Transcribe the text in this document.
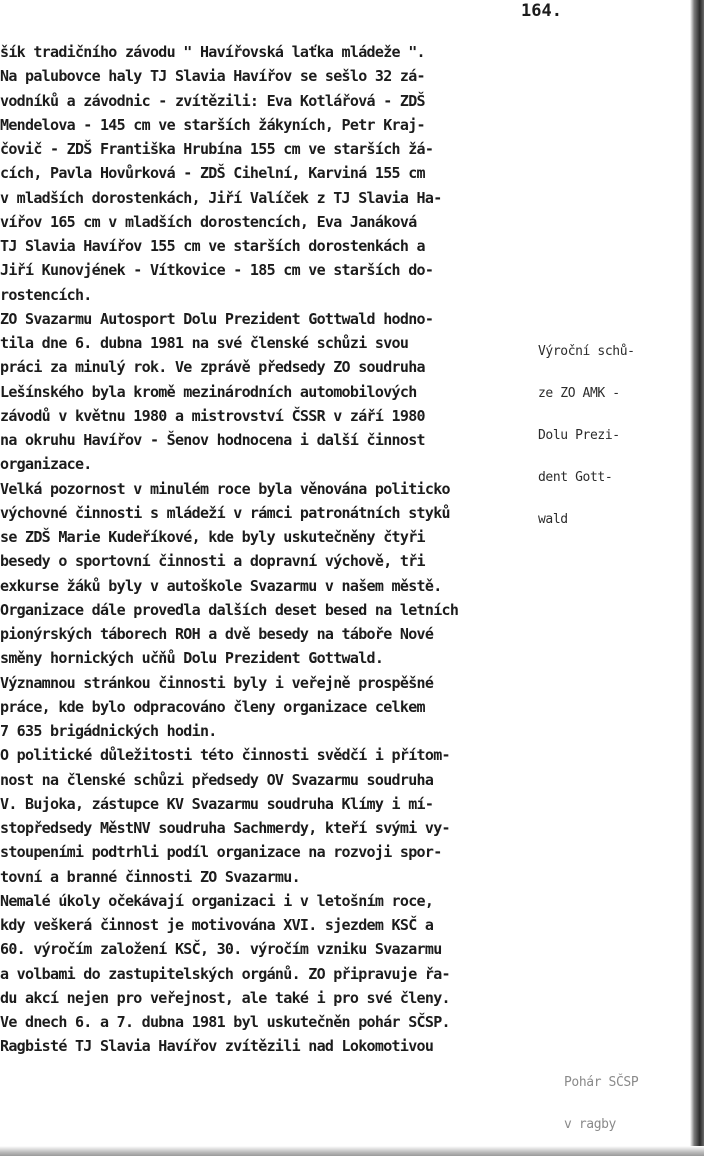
164.
šík tradičního závodu " Havířovská laťka mládeže ".
Na palubovce haly TJ Slavia Havířov se sešlo 32 zá-
vodníků a závodnic - zvítězili: Eva Kotlářová - ZDŠ
Mendelova - 145 cm ve starších žákyních, Petr Kraj-
čovič - ZDŠ Františka Hrubína 155 cm ve starších žá-
cích, Pavla Hovůrková - ZDŠ Cihelní, Karviná 155 cm
v mladších dorostenkách, Jiří Valíček z TJ Slavia Ha-
vířov 165 cm v mladších dorostencích, Eva Janáková
TJ Slavia Havířov 155 cm ve starších dorostenkách a
Jiří Kunovjének - Vítkovice - 185 cm ve starších do-
rostencích.
ZO Svazarmu Autosport Dolu Prezident Gottwald hodno-
tila dne 6. dubna 1981 na své členské schůzi svou
práci za minulý rok. Ve zprávě předsedy ZO soudruha
Lešínského byla kromě mezinárodních automobilových
závodů v květnu 1980 a mistrovství ČSSR v září 1980
na okruhu Havířov - Šenov hodnocena i další činnost
organizace.
Velká pozornost v minulém roce byla věnována politicko
výchovné činnosti s mládeží v rámci patronátních styků
se ZDŠ Marie Kudeříkové, kde byly uskutečněny čtyři
besedy o sportovní činnosti a dopravní výchově, tři
exkurse žáků byly v autoškole Svazarmu v našem městě.
Organizace dále provedla dalších deset besed na letních
pionýrských táborech ROH a dvě besedy na táboře Nové
směny hornických učňů Dolu Prezident Gottwald.
Významnou stránkou činnosti byly i veřejně prospěšné
práce, kde bylo odpracováno členy organizace celkem
7 635 brigádnických hodin.
O politické důležitosti této činnosti svědčí i přítom-
nost na členské schůzi předsedy OV Svazarmu soudruha
V. Bujoka, zástupce KV Svazarmu soudruha Klímy i mí-
stopředsedy MěstNV soudruha Sachmerdy, kteří svými vy-
stoupeními podtrhli podíl organizace na rozvoji spor-
tovní a branné činnosti ZO Svazarmu.
Nemalé úkoly očekávají organizaci i v letošním roce,
kdy veškerá činnost je motivována XVI. sjezdem KSČ a
60. výročím založení KSČ, 30. výročím vzniku Svazarmu
a volbami do zastupitelských orgánů. ZO připravuje řa-
du akcí nejen pro veřejnost, ale také i pro své členy.
Ve dnech 6. a 7. dubna 1981 byl uskutečněn pohár SČSP.
Ragbisté TJ Slavia Havířov zvítězili nad Lokomotivou

Výroční schů-

ze ZO AMK -

Dolu Prezi-

dent Gott-

wald

Pohár SČSP

v ragby
